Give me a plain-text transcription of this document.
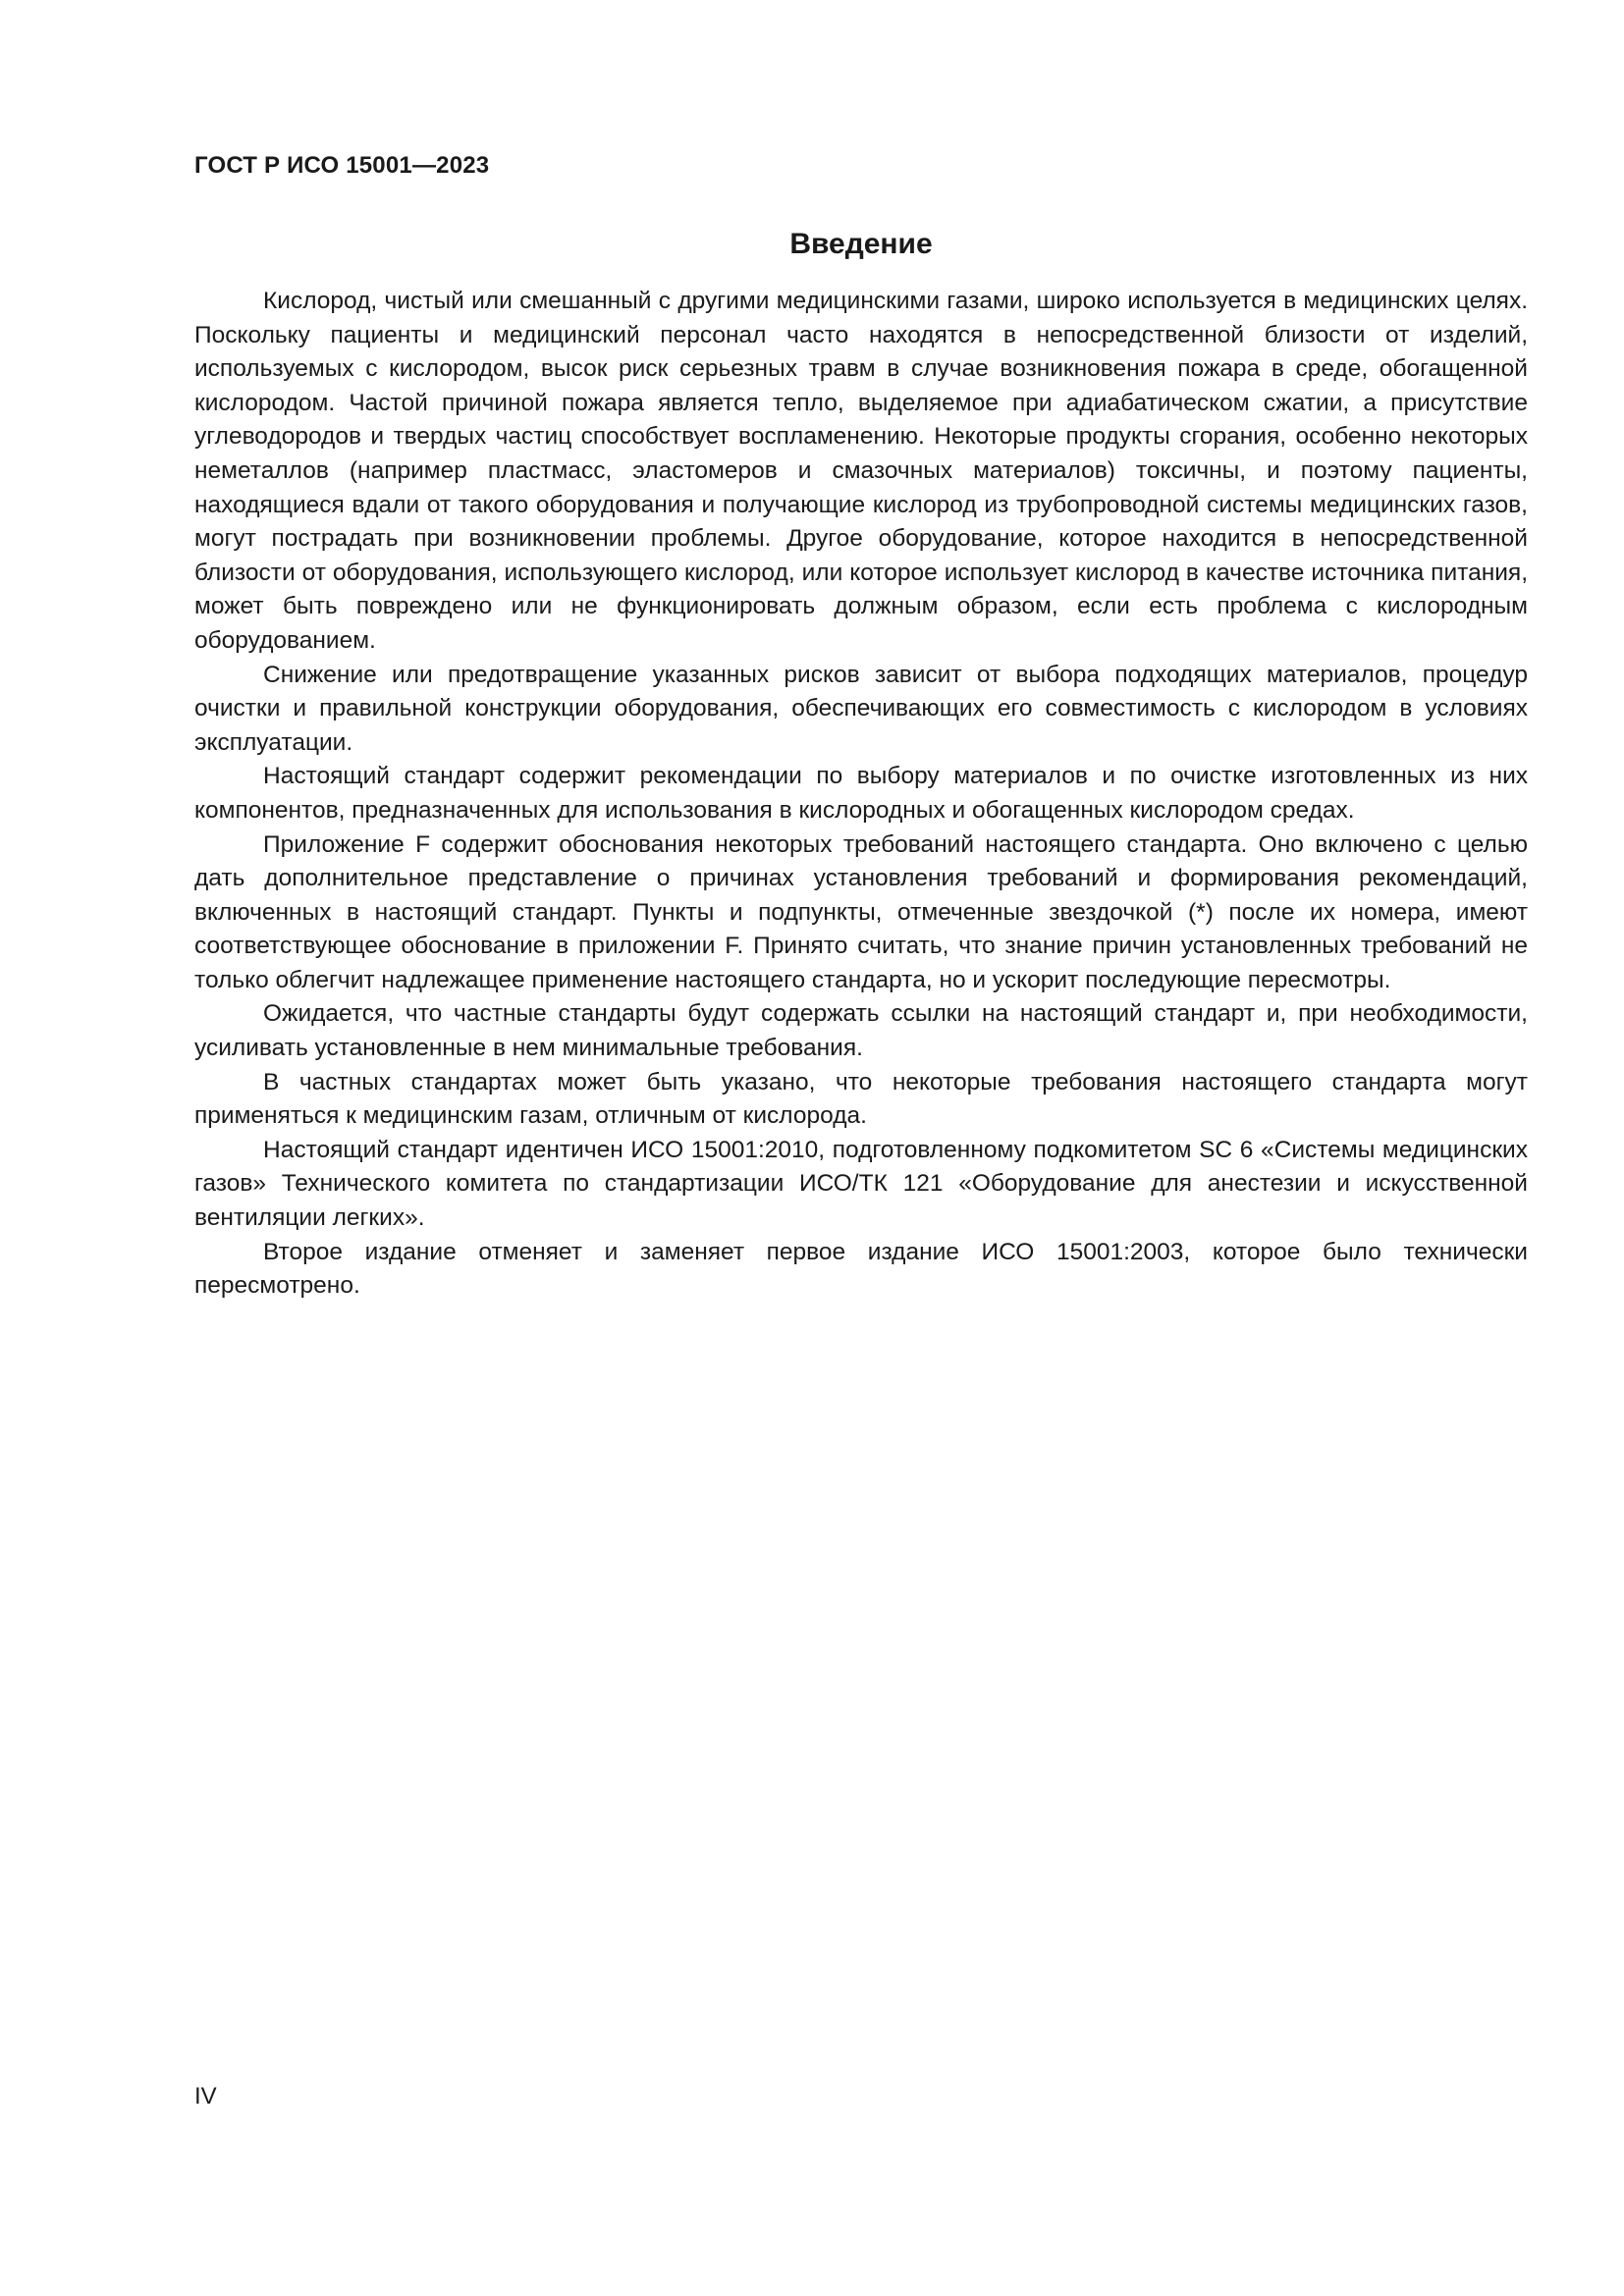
ГОСТ Р ИСО 15001—2023
Введение

Кислород, чистый или смешанный с другими медицинскими газами, широко используется в медицинских целях. Поскольку пациенты и медицинский персонал часто находятся в непосредственной близости от изделий, используемых с кислородом, высок риск серьезных травм в случае возникновения пожара в среде, обогащенной кислородом. Частой причиной пожара является тепло, выделяемое при адиабатическом сжатии, а присутствие углеводородов и твердых частиц способствует воспламенению. Некоторые продукты сгорания, особенно некоторых неметаллов (например пластмасс, эластомеров и смазочных материалов) токсичны, и поэтому пациенты, находящиеся вдали от такого оборудования и получающие кислород из трубопроводной системы медицинских газов, могут пострадать при возникновении проблемы. Другое оборудование, которое находится в непосредственной близости от оборудования, использующего кислород, или которое использует кислород в качестве источника питания, может быть повреждено или не функционировать должным образом, если есть проблема с кислородным оборудованием.

Снижение или предотвращение указанных рисков зависит от выбора подходящих материалов, процедур очистки и правильной конструкции оборудования, обеспечивающих его совместимость с кислородом в условиях эксплуатации.

Настоящий стандарт содержит рекомендации по выбору материалов и по очистке изготовленных из них компонентов, предназначенных для использования в кислородных и обогащенных кислородом средах.

Приложение F содержит обоснования некоторых требований настоящего стандарта. Оно включено с целью дать дополнительное представление о причинах установления требований и формирования рекомендаций, включенных в настоящий стандарт. Пункты и подпункты, отмеченные звездочкой (*) после их номера, имеют соответствующее обоснование в приложении F. Принято считать, что знание причин установленных требований не только облегчит надлежащее применение настоящего стандарта, но и ускорит последующие пересмотры.

Ожидается, что частные стандарты будут содержать ссылки на настоящий стандарт и, при необходимости, усиливать установленные в нем минимальные требования.

В частных стандартах может быть указано, что некоторые требования настоящего стандарта могут применяться к медицинским газам, отличным от кислорода.

Настоящий стандарт идентичен ИСО 15001:2010, подготовленному подкомитетом SC 6 «Системы медицинских газов» Технического комитета по стандартизации ИСО/ТК 121 «Оборудование для анестезии и искусственной вентиляции легких».

Второе издание отменяет и заменяет первое издание ИСО 15001:2003, которое было технически пересмотрено.

IV
